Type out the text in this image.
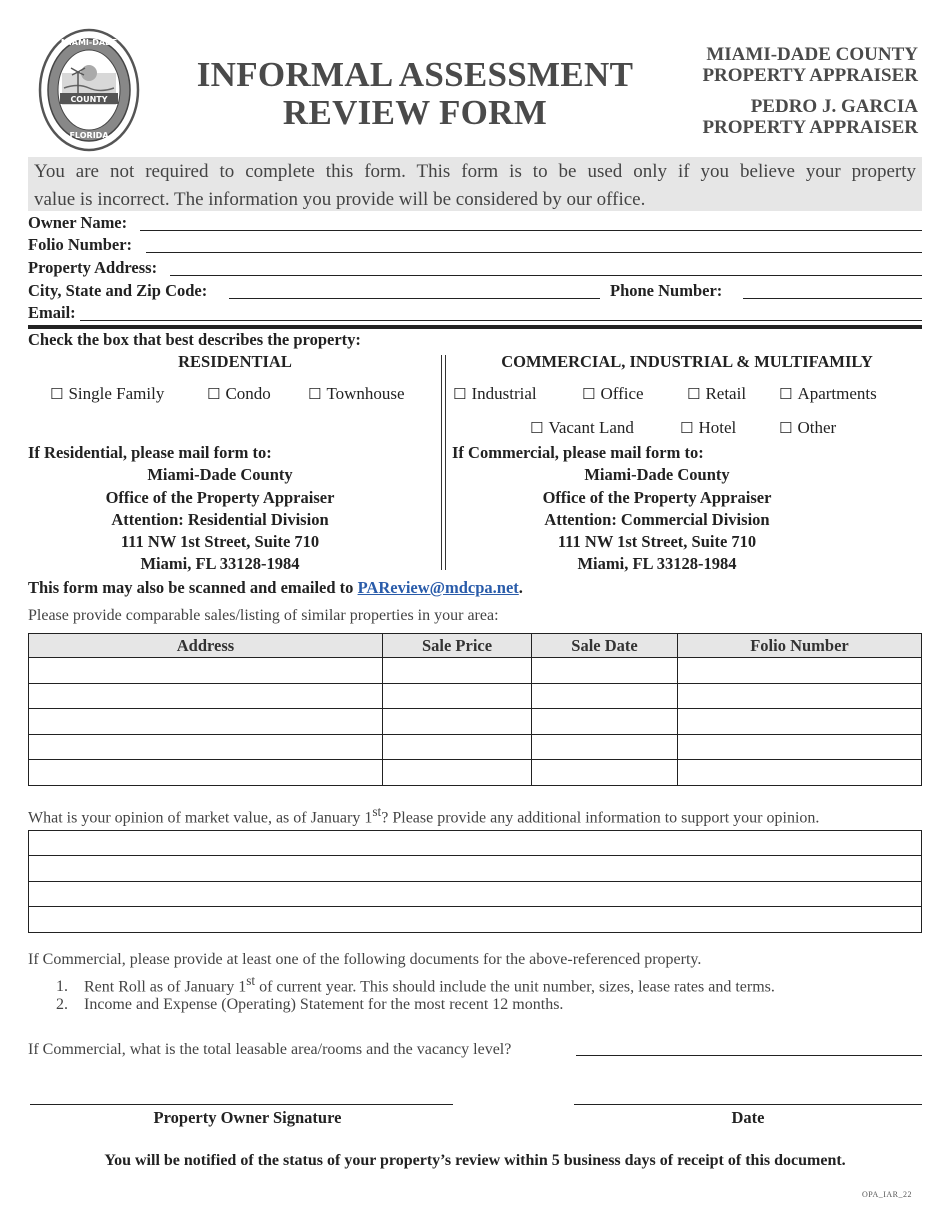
COUNTY
MIAMI-DADE
FLORIDA
INFORMAL ASSESSMENT
REVIEW FORM
MIAMI-DADE COUNTY
PROPERTY APPRAISER
PEDRO J. GARCIA
PROPERTY APPRAISER

You are not required to complete this form. This form is to be used only if you believe your property

value is incorrect. The information you provide will be considered by our office.

Owner Name:
Folio Number:
Property Address:
City, State and Zip Code:	Phone Number:
Email:
Check the box that best describes the property:
RESIDENTIAL	COMMERCIAL, INDUSTRIAL & MULTIFAMILY
☐ Single Family	☐ Condo ☐ Townhouse	☐ Industrial	☐ Office	☐ Retail ☐ Apartments
☐ Vacant Land	☐ Hotel	☐ Other
If Residential, please mail form to:
Miami-Dade County
Office of the Property Appraiser
Attention: Residential Division
111 NW 1st Street, Suite 710
Miami, FL 33128-1984
If Commercial, please mail form to:
Miami-Dade County
Office of the Property Appraiser
Attention: Commercial Division
111 NW 1st Street, Suite 710
Miami, FL 33128-1984
This form may also be scanned and emailed to PAReview@mdcpa.net.
Please provide comparable sales/listing of similar properties in your area:
Address	Sale Price	Sale Date	Folio Number

What is your opinion of market value, as of January 1st? Please provide any additional information to support your opinion.

If Commercial, please provide at least one of the following documents for the above-referenced property.
1. Rent Roll as of January 1st of current year. This should include the unit number, sizes, lease rates and terms.
2. Income and Expense (Operating) Statement for the most recent 12 months.
If Commercial, what is the total leasable area/rooms and the vacancy level?
Property Owner Signature	Date
You will be notified of the status of your property’s review within 5 business days of receipt of this document.
OPA_IAR_22
